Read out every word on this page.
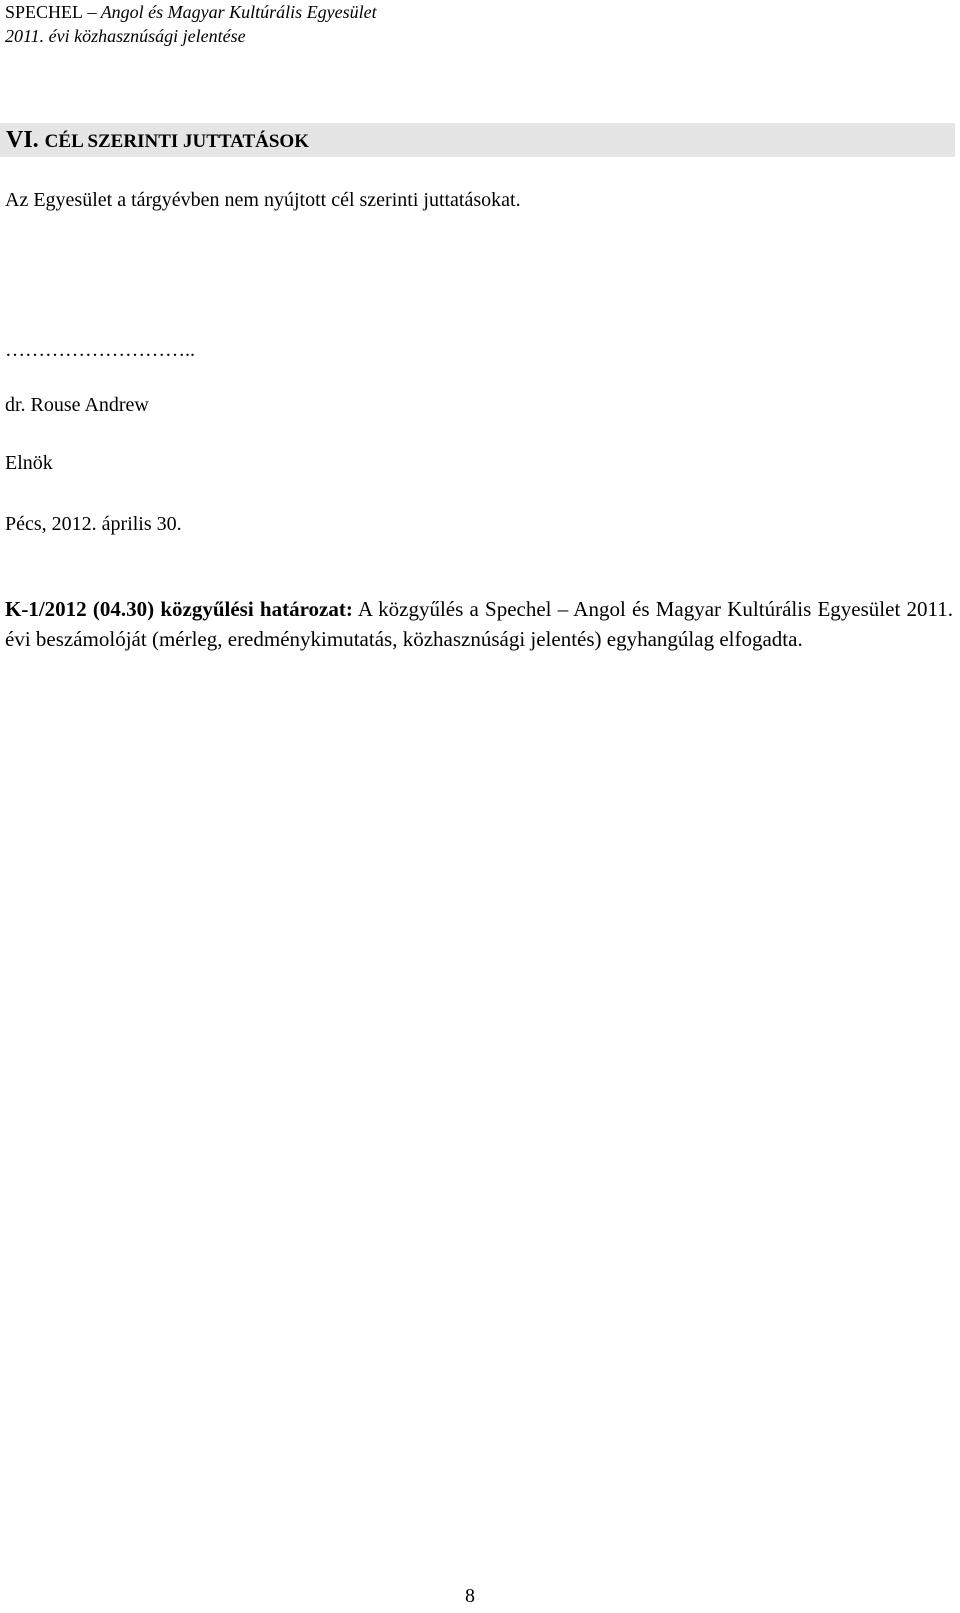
SPECHEL – Angol és Magyar Kultúrális Egyesület
2011. évi közhasznúsági jelentése
VI. CÉL SZERINTI JUTTATÁSOK
Az Egyesület a tárgyévben nem nyújtott cél szerinti juttatásokat.
………………………..
dr. Rouse Andrew
Elnök
Pécs, 2012. április 30.
K-1/2012 (04.30) közgyűlési határozat: A közgyűlés a Spechel – Angol és Magyar Kultúrális Egyesület 2011. évi beszámolóját (mérleg, eredménykimutatás, közhasznúsági jelentés) egyhangúlag elfogadta.
8
